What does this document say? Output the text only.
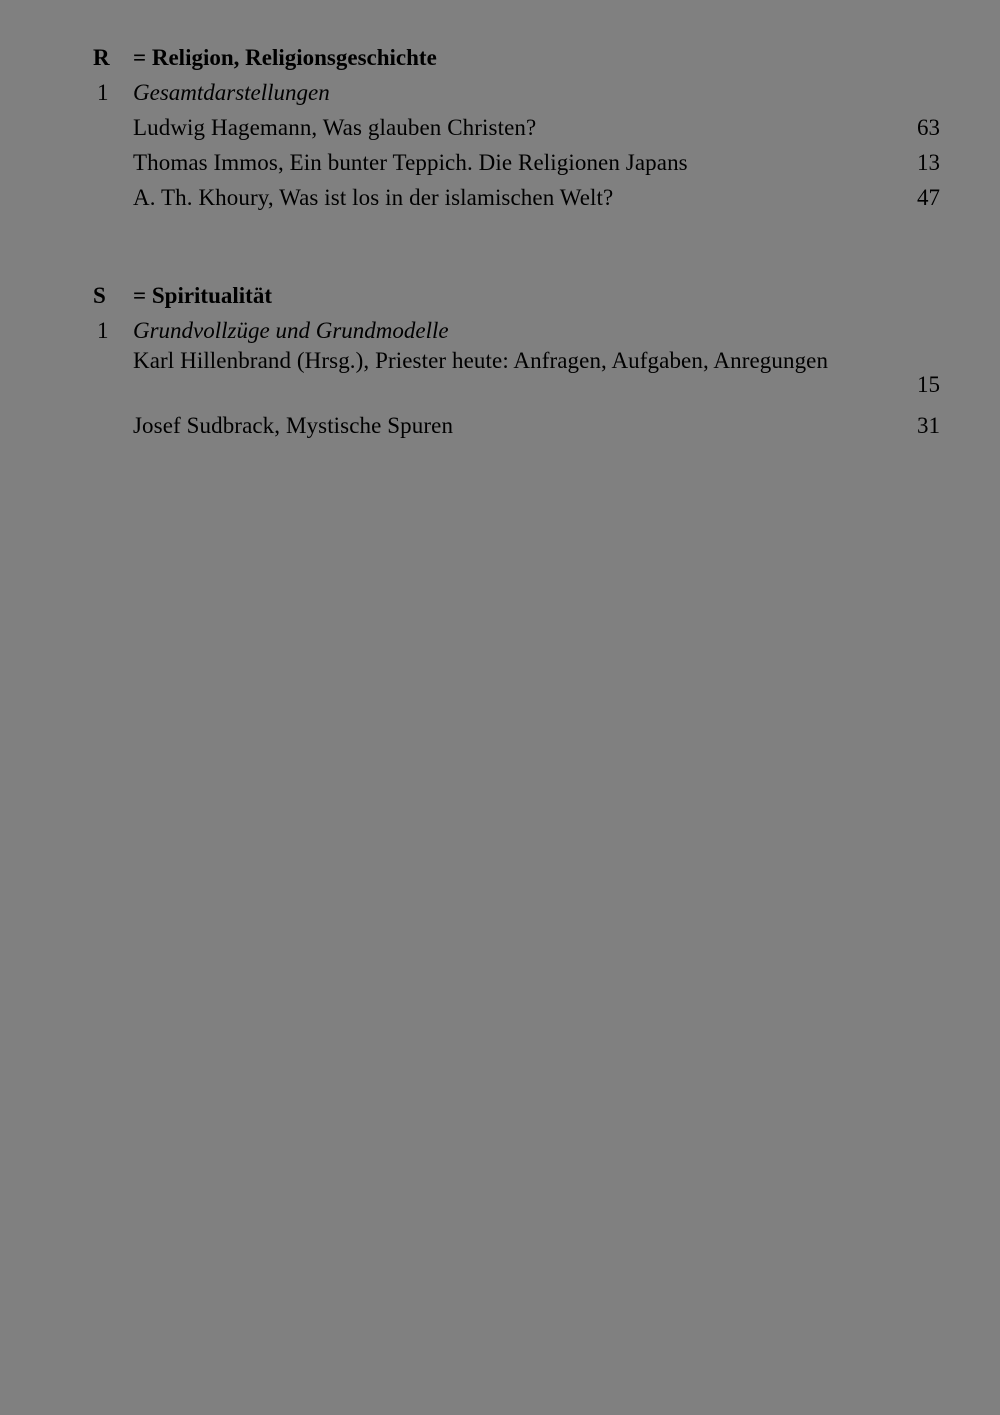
R	= Religion, Religionsgeschichte
1	Gesamtdarstellungen
Ludwig Hagemann, Was glauben Christen?	63
Thomas Immos, Ein bunter Teppich. Die Religionen Japans	13
A. Th. Khoury, Was ist los in der islamischen Welt?	47
S	= Spiritualität
1	Grundvollzüge und Grundmodelle
Karl Hillenbrand (Hrsg.), Priester heute: Anfragen, Aufgaben, Anregungen
15
Josef Sudbrack, Mystische Spuren	31
